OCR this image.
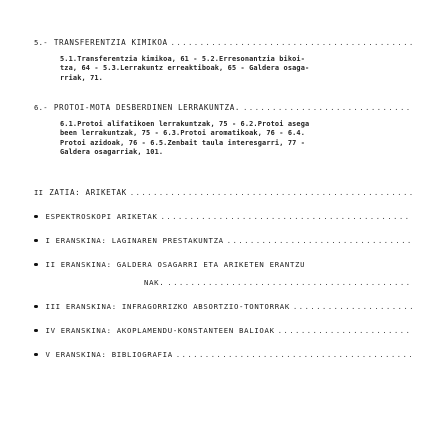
5.- TRANSFERENTZIA KIMIKOA
.....
5.1.Transferentzia kimikoa, 61 - 5.2.Erresonantzia bikoi-
tza, 64 - 5.3.Lerrakuntz erreaktiboak, 65 - Galdera osaga-
rriak, 71.
6.- PROTOI-MOTA DESBERDINEN LERRAKUNTZA.
.....
6.1.Protoi alifatikoen lerrakuntzak, 75 - 6.2.Protoi asega
been lerrakuntzak, 75 - 6.3.Protoi aromatikoak, 76 - 6.4.
Protoi azidoak, 76 - 6.5.Zenbait taula interesgarri, 77 -
Galdera osagarriak, 101.
II ZATIA: ARIKETAK
.....
ESPEKTROSKOPI ARIKETAK
.....
I ERANSKINA: LAGINAREN PRESTAKUNTZA
.....
II ERANSKINA: GALDERA OSAGARRI ETA ARIKETEN ERANTZU
NAK.
.....
III ERANSKINA: INFRAGORRIZKO ABSORTZIO-TONTORRAK
.....
IV ERANSKINA: AKOPLAMENDU-KONSTANTEEN BALIOAK
.....
V ERANSKINA: BIBLIOGRAFIA
.....
